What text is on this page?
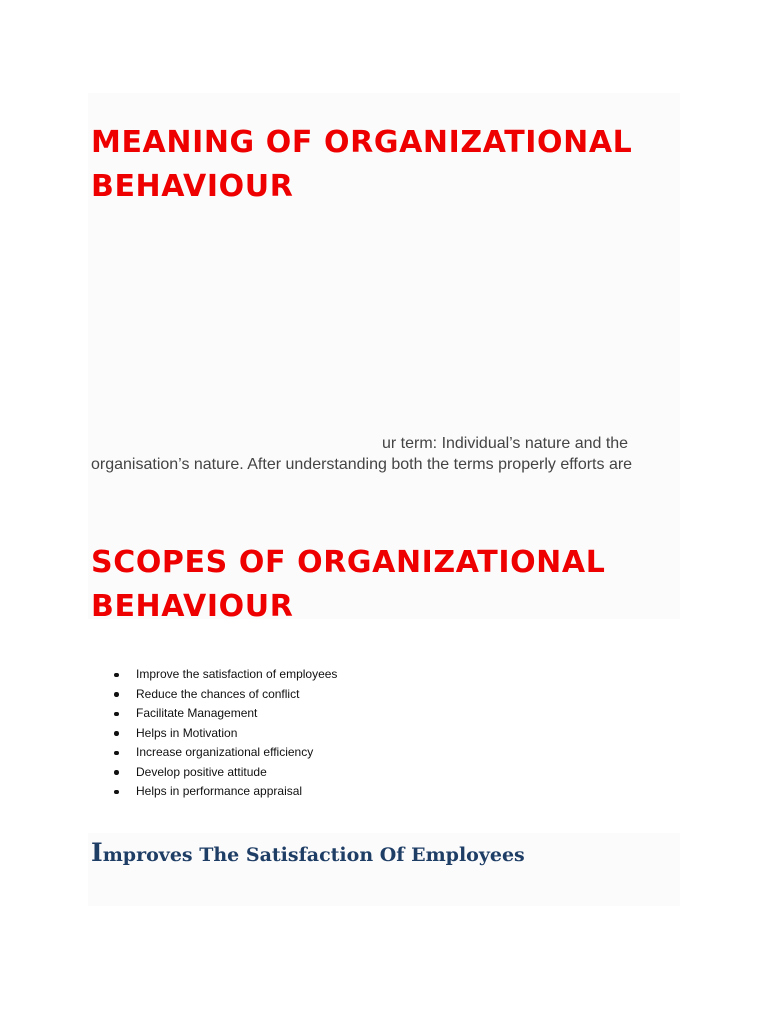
MEANING OF ORGANIZATIONAL
BEHAVIOUR

ur term: Individual’s nature and the

organisation’s nature. After understanding both the terms properly efforts are

SCOPES OF ORGANIZATIONAL
BEHAVIOUR
Improve the satisfaction of employees
Reduce the chances of conflict
Facilitate Management
Helps in Motivation
Increase organizational efficiency
Develop positive attitude
Helps in performance appraisal
Improves The Satisfaction Of Employees
